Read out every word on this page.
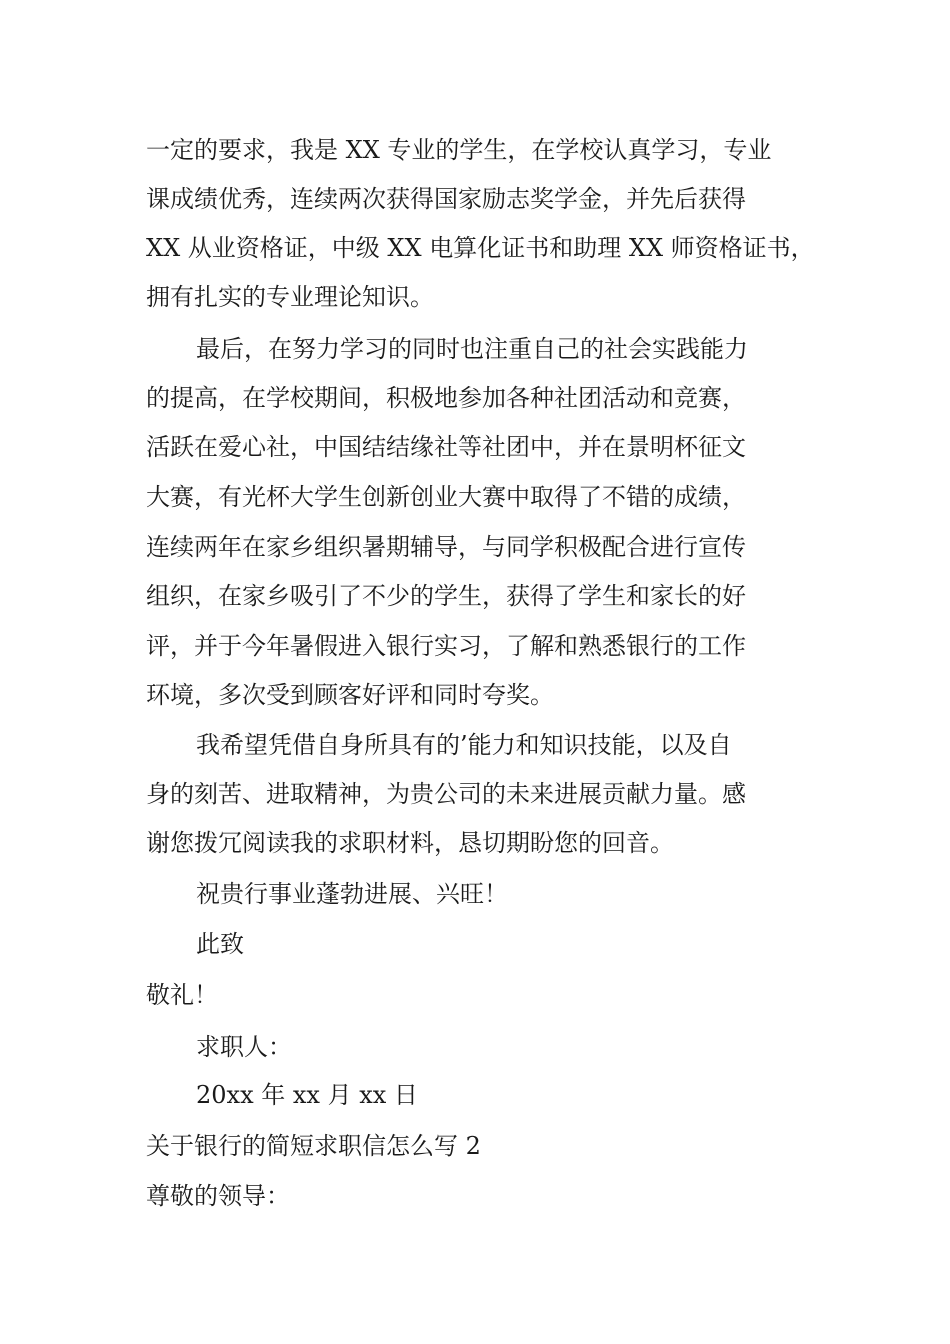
一定的要求，我是 XX 专业的学生，在学校认真学习，专业
课成绩优秀，连续两次获得国家励志奖学金，并先后获得
XX 从业资格证，中级 XX 电算化证书和助理 XX 师资格证书，
拥有扎实的专业理论知识。
最后，在努力学习的同时也注重自己的社会实践能力
的提高，在学校期间，积极地参加各种社团活动和竞赛，
活跃在爱心社，中国结结缘社等社团中，并在景明杯征文
大赛，有光杯大学生创新创业大赛中取得了不错的成绩，
连续两年在家乡组织暑期辅导，与同学积极配合进行宣传
组织，在家乡吸引了不少的学生，获得了学生和家长的好
评，并于今年暑假进入银行实习，了解和熟悉银行的工作
环境，多次受到顾客好评和同时夸奖。
我希望凭借自身所具有的’能力和知识技能，以及自
身的刻苦、进取精神，为贵公司的未来进展贡献力量。感
谢您拨冗阅读我的求职材料，恳切期盼您的回音。
祝贵行事业蓬勃进展、兴旺！
此致
敬礼！
求职人：
20xx 年 xx 月 xx 日
关于银行的简短求职信怎么写 2
尊敬的领导：
